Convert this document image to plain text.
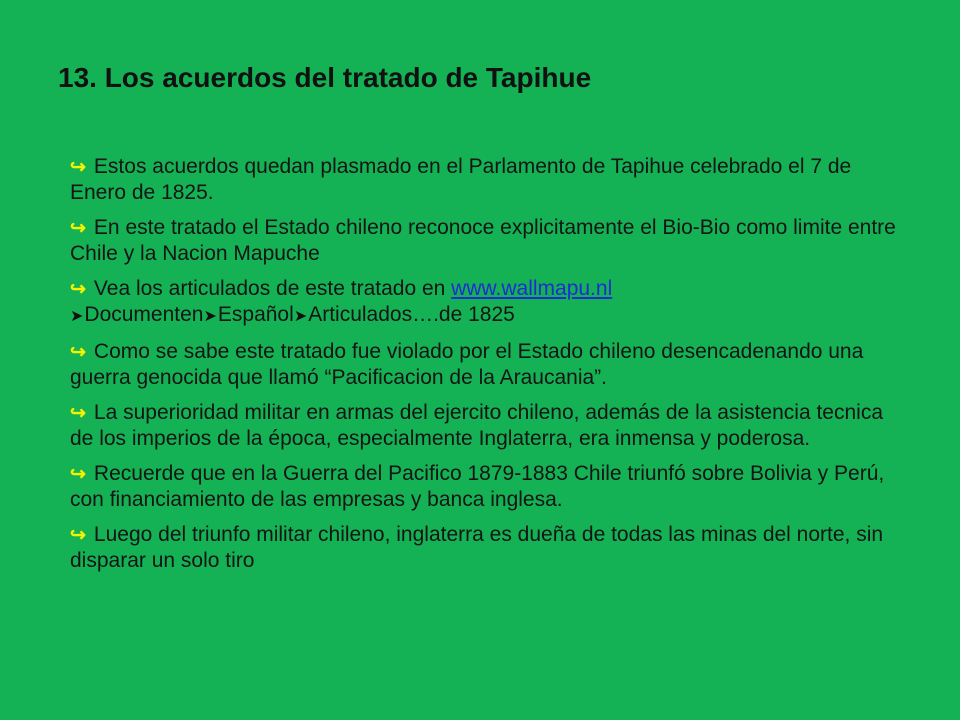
13. Los acuerdos del tratado de Tapihue
↪ Estos acuerdos quedan plasmado en el Parlamento de Tapihue celebrado el 7 de Enero de 1825.
↪ En este tratado el Estado chileno reconoce explicitamente el Bio-Bio como limite entre Chile y la Nacion Mapuche
↪ Vea los articulados de este tratado en www.wallmapu.nl
➤Documenten➤Español➤Articulados….de 1825
↪ Como se sabe este tratado fue violado por el Estado chileno desencadenando una guerra genocida que llamó “Pacificacion de la Araucania”.
↪ La superioridad militar en armas del ejercito chileno, además de la asistencia tecnica de los imperios de la época, especialmente Inglaterra, era inmensa y poderosa.
↪ Recuerde que en la Guerra del Pacifico 1879-1883 Chile triunfó sobre Bolivia y Perú, con financiamiento de las empresas y banca inglesa.
↪ Luego del triunfo militar chileno, inglaterra es dueña de todas las minas del norte, sin disparar un solo tiro
